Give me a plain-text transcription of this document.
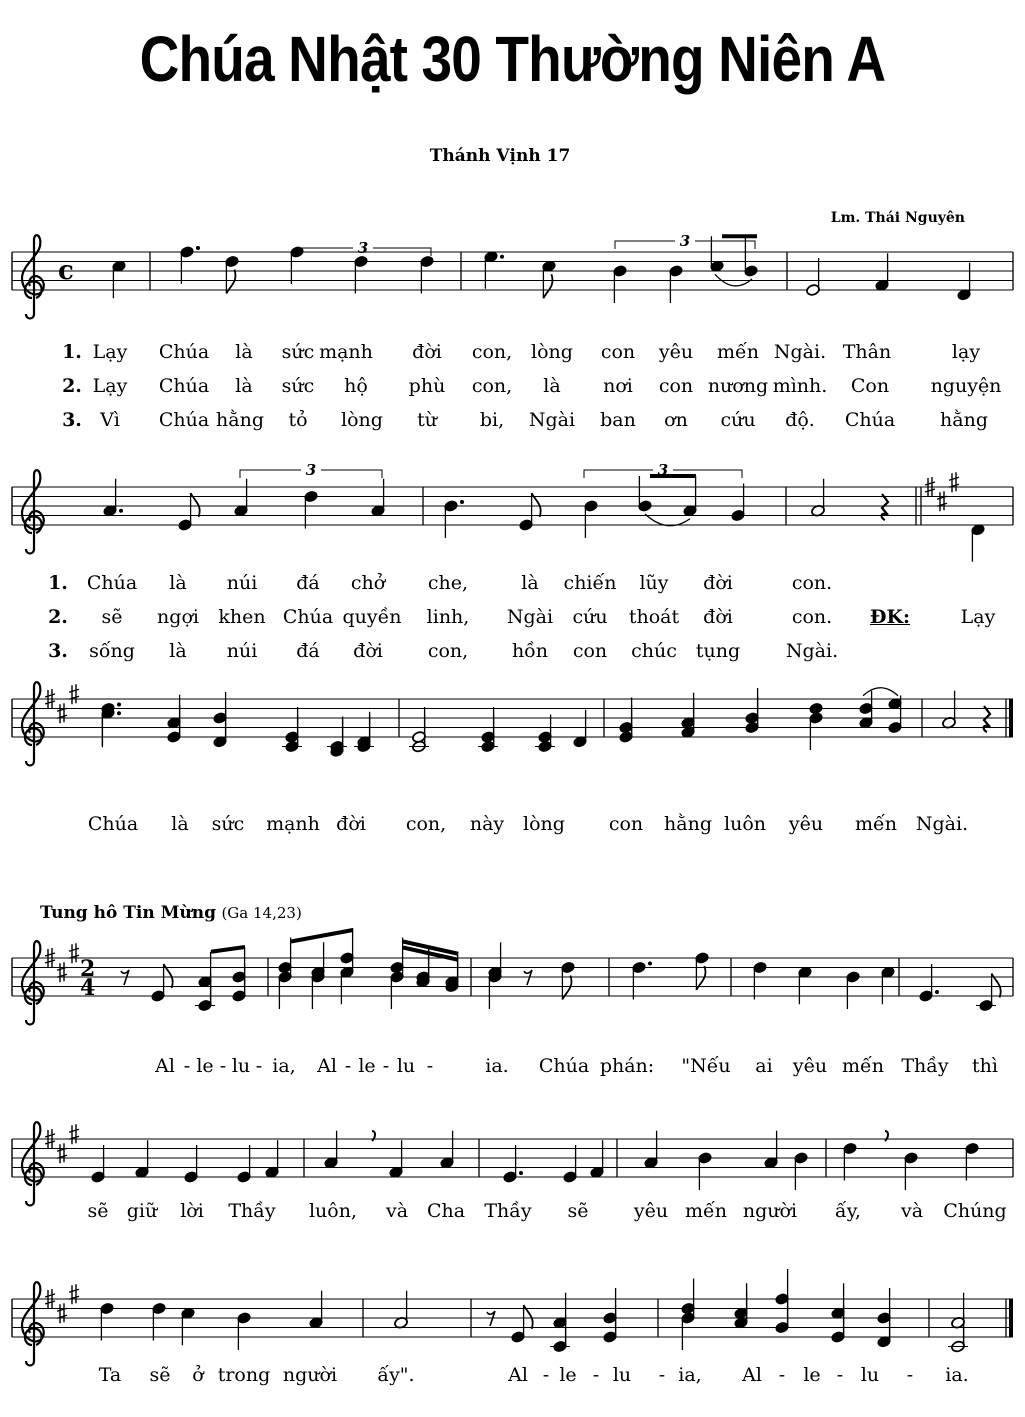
Chúa Nhật 30 Thường Niên A
Thánh Vịnh 17
Lm. Thái Nguyên
Tung hô Tin Mừng (Ga 14,23)
c
2
4
3	3
3	3
1. Lạy Chúa là sức mạnh đời con, lòng con yêu mến Ngài. Thân	lạy
2. Lạy Chúa là sức hộ phù con, là nơi con nương mình. Con nguyện
3. Vì Chúa hằng tỏ lòng từ bi, Ngài ban ơn cứu độ. Chúa hằng
1. Chúa là núi đá chở che,	là chiến lũy đời	con.
2. sẽ ngợi khen Chúa quyền linh, Ngài cứu thoát đời	con. ĐK:	Lạy
3. sống là núi đá đời con, hồn con chúc tụng Ngài.
Chúa là sức mạnh đời con, này lòng con hằng luôn yêu mến Ngài.
Al - le - lu - ia, Al - le - lu -	ia. Chúa phán: "Nếu ai yêu mến Thầy thì
sẽ giữ lời Thầy luôn, và Cha Thầy sẽ yêu mến người ấy, và Chúng
Ta sẽ ở trong người ấy".	Al - le - lu - ia, Al - le - lu - ia.
